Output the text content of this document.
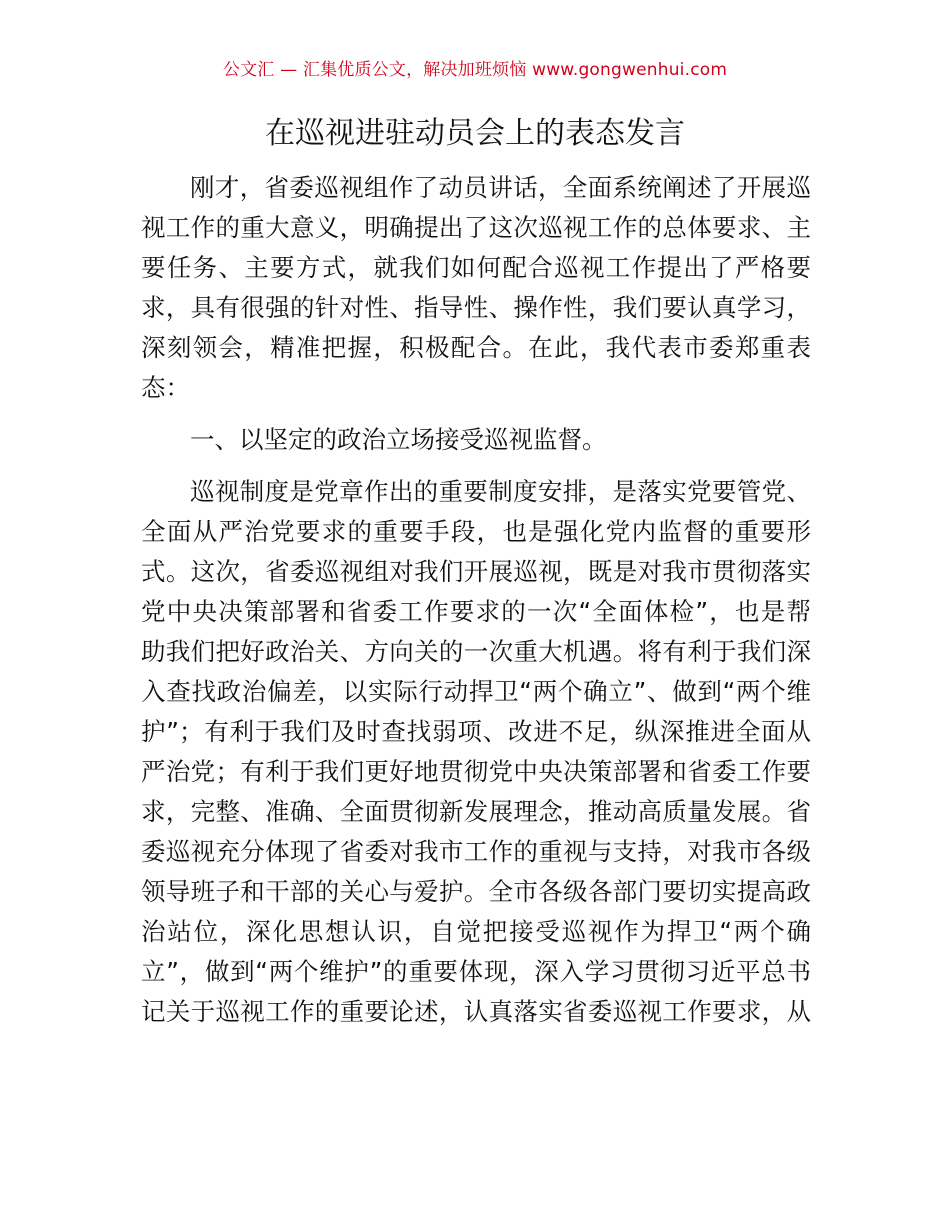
公文汇 — 汇集优质公文，解决加班烦恼 www.gongwenhui.com
在巡视进驻动员会上的表态发言
刚才，省委巡视组作了动员讲话，全面系统阐述了开展巡
视工作的重大意义，明确提出了这次巡视工作的总体要求、主
要任务、主要方式，就我们如何配合巡视工作提出了严格要
求，具有很强的针对性、指导性、操作性，我们要认真学习，
深刻领会，精准把握，积极配合。在此，我代表市委郑重表
态：
一、以坚定的政治立场接受巡视监督。
巡视制度是党章作出的重要制度安排，是落实党要管党、
全面从严治党要求的重要手段，也是强化党内监督的重要形
式。这次，省委巡视组对我们开展巡视，既是对我市贯彻落实
党中央决策部署和省委工作要求的一次“全面体检”，也是帮
助我们把好政治关、方向关的一次重大机遇。将有利于我们深
入查找政治偏差，以实际行动捍卫“两个确立”、做到“两个维
护”；有利于我们及时查找弱项、改进不足，纵深推进全面从
严治党；有利于我们更好地贯彻党中央决策部署和省委工作要
求，完整、准确、全面贯彻新发展理念，推动高质量发展。省
委巡视充分体现了省委对我市工作的重视与支持，对我市各级
领导班子和干部的关心与爱护。全市各级各部门要切实提高政
治站位，深化思想认识，自觉把接受巡视作为捍卫“两个确
立”，做到“两个维护”的重要体现，深入学习贯彻习近平总书
记关于巡视工作的重要论述，认真落实省委巡视工作要求，从
